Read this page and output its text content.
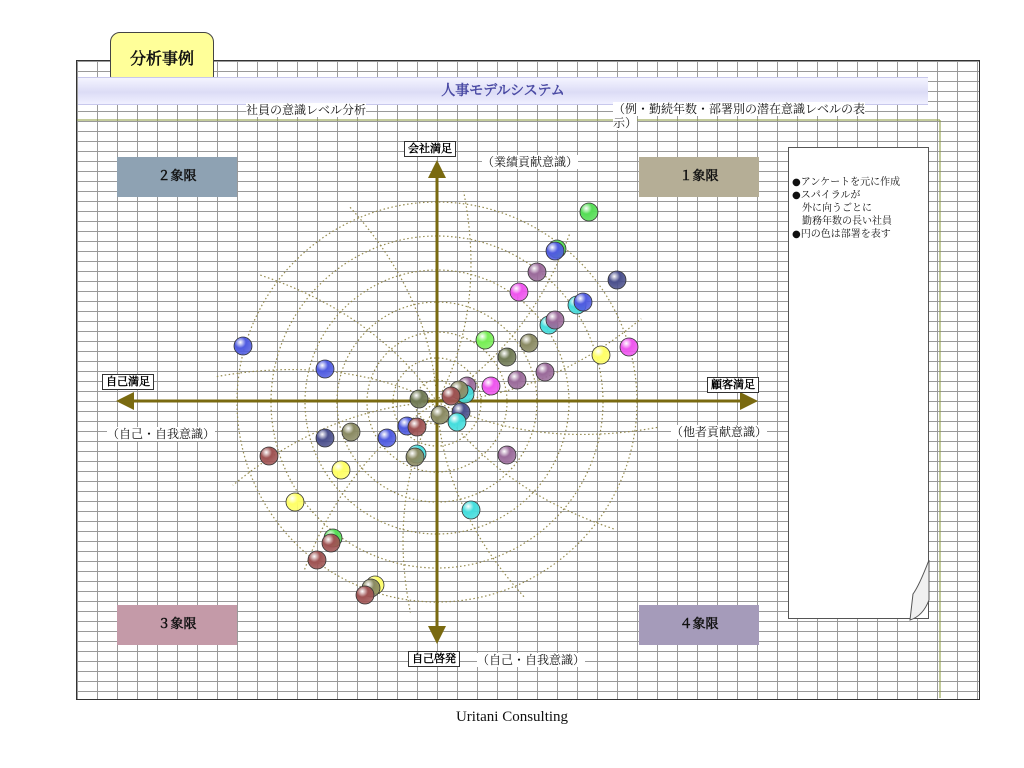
分析事例
人事モデルシステム
社員の意識レベル分析	（例・勤続年数・部署別の潜在意識レベルの表
示）
２象限	１象限
３象限	４象限
会社満足
自己満足	顧客満足
自己啓発
（業績貢献意識）
（自己・自我意識）	（他者貢献意識）
（自己・自我意識）
●アンケートを元に作成
●スパイラルが
　外に向うごとに
　勤務年数の長い社員
●円の色は部署を表す
Uritani Consulting
